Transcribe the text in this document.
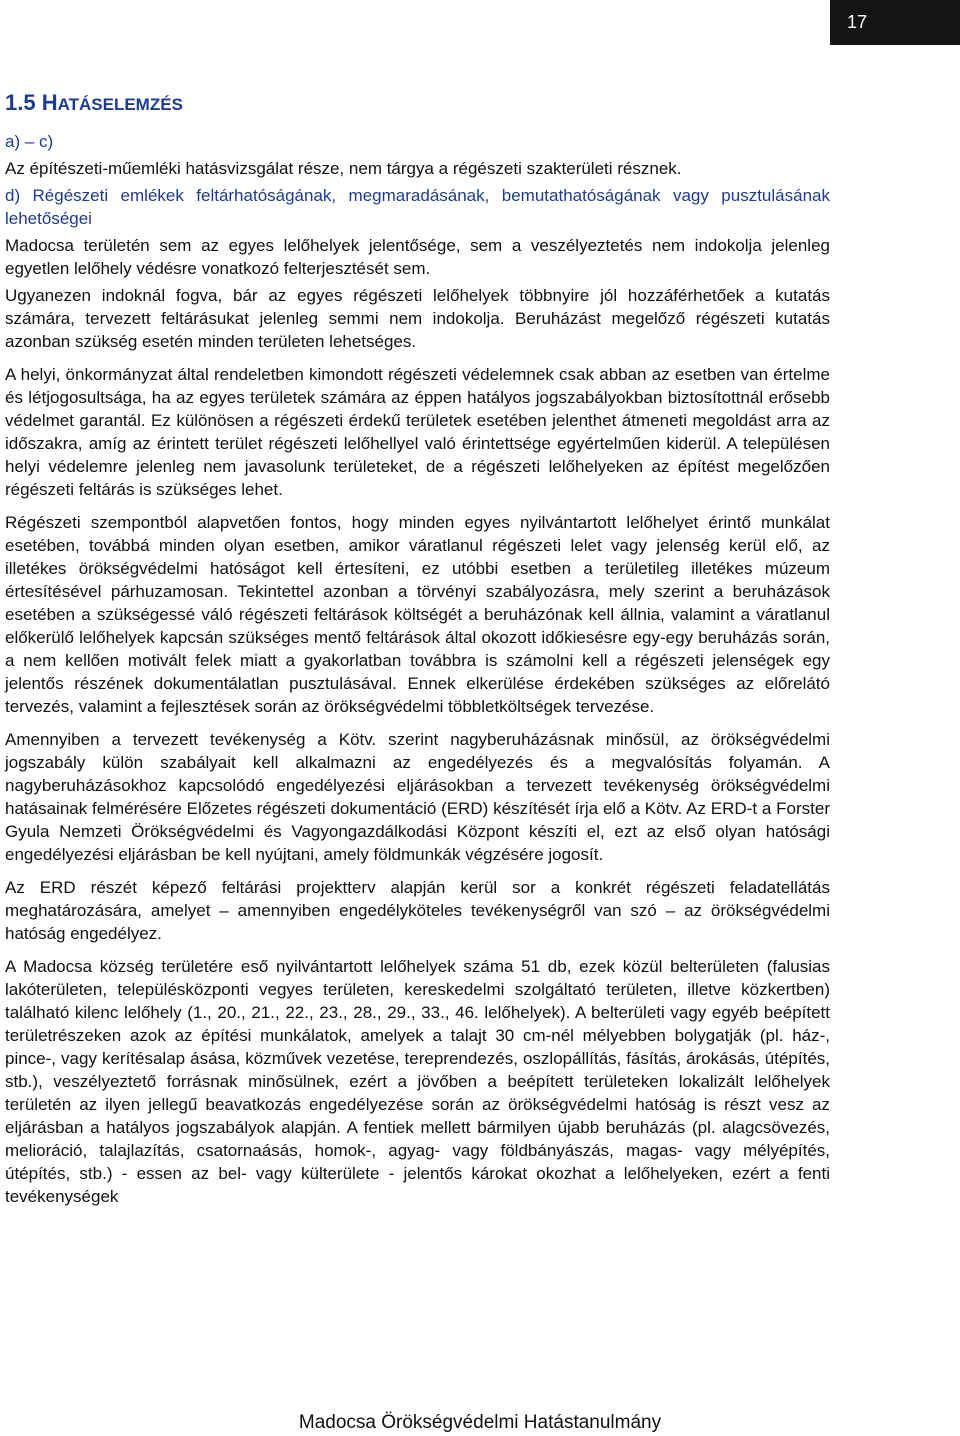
17
1.5 HATÁSELEMZÉS

a) – c)

Az építészeti-műemléki hatásvizsgálat része, nem tárgya a régészeti szakterületi résznek.

d) Régészeti emlékek feltárhatóságának, megmaradásának, bemutathatóságának vagy pusztulásának lehetőségei

Madocsa területén sem az egyes lelőhelyek jelentősége, sem a veszélyeztetés nem indokolja jelenleg egyetlen lelőhely védésre vonatkozó felterjesztését sem.

Ugyanezen indoknál fogva, bár az egyes régészeti lelőhelyek többnyire jól hozzáférhetőek a kutatás számára, tervezett feltárásukat jelenleg semmi nem indokolja. Beruházást megelőző régészeti kutatás azonban szükség esetén minden területen lehetséges.

A helyi, önkormányzat által rendeletben kimondott régészeti védelemnek csak abban az esetben van értelme és létjogosultsága, ha az egyes területek számára az éppen hatályos jogszabályokban biztosítottnál erősebb védelmet garantál. Ez különösen a régészeti érdekű területek esetében jelenthet átmeneti megoldást arra az időszakra, amíg az érintett terület régészeti lelőhellyel való érintettsége egyértelműen kiderül. A településen helyi védelemre jelenleg nem javasolunk területeket, de a régészeti lelőhelyeken az építést megelőzően régészeti feltárás is szükséges lehet.

Régészeti szempontból alapvetően fontos, hogy minden egyes nyilvántartott lelőhelyet érintő munkálat esetében, továbbá minden olyan esetben, amikor váratlanul régészeti lelet vagy jelenség kerül elő, az illetékes örökségvédelmi hatóságot kell értesíteni, ez utóbbi esetben a területileg illetékes múzeum értesítésével párhuzamosan. Tekintettel azonban a törvényi szabályozásra, mely szerint a beruházások esetében a szükségessé váló régészeti feltárások költségét a beruházónak kell állnia, valamint a váratlanul előkerülő lelőhelyek kapcsán szükséges mentő feltárások által okozott időkiesésre egy-egy beruházás során, a nem kellően motivált felek miatt a gyakorlatban továbbra is számolni kell a régészeti jelenségek egy jelentős részének dokumentálatlan pusztulásával. Ennek elkerülése érdekében szükséges az előrelátó tervezés, valamint a fejlesztések során az örökségvédelmi többletköltségek tervezése.

Amennyiben a tervezett tevékenység a Kötv. szerint nagyberuházásnak minősül, az örökségvédelmi jogszabály külön szabályait kell alkalmazni az engedélyezés és a megvalósítás folyamán. A nagyberuházásokhoz kapcsolódó engedélyezési eljárásokban a tervezett tevékenység örökségvédelmi hatásainak felmérésére Előzetes régészeti dokumentáció (ERD) készítését írja elő a Kötv. Az ERD-t a Forster Gyula Nemzeti Örökségvédelmi és Vagyongazdálkodási Központ készíti el, ezt az első olyan hatósági engedélyezési eljárásban be kell nyújtani, amely földmunkák végzésére jogosít.

Az ERD részét képező feltárási projektterv alapján kerül sor a konkrét régészeti feladatellátás meghatározására, amelyet – amennyiben engedélyköteles tevékenységről van szó – az örökségvédelmi hatóság engedélyez.

A Madocsa község területére eső nyilvántartott lelőhelyek száma 51 db, ezek közül belterületen (falusias lakóterületen, településközponti vegyes területen, kereskedelmi szolgáltató területen, illetve közkertben) található kilenc lelőhely (1., 20., 21., 22., 23., 28., 29., 33., 46. lelőhelyek). A belterületi vagy egyéb beépített területrészeken azok az építési munkálatok, amelyek a talajt 30 cm-nél mélyebben bolygatják (pl. ház-, pince-, vagy kerítésalap ásása, közművek vezetése, tereprendezés, oszlopállítás, fásítás, árokásás, útépítés, stb.), veszélyeztető forrásnak minősülnek, ezért a jövőben a beépített területeken lokalizált lelőhelyek területén az ilyen jellegű beavatkozás engedélyezése során az örökségvédelmi hatóság is részt vesz az eljárásban a hatályos jogszabályok alapján. A fentiek mellett bármilyen újabb beruházás (pl. alagcsövezés, melioráció, talajlazítás, csatornaásás, homok-, agyag- vagy földbányászás, magas- vagy mélyépítés, útépítés, stb.) - essen az bel- vagy külterülete - jelentős károkat okozhat a lelőhelyeken, ezért a fenti tevékenységek

Madocsa Örökségvédelmi Hatástanulmány
